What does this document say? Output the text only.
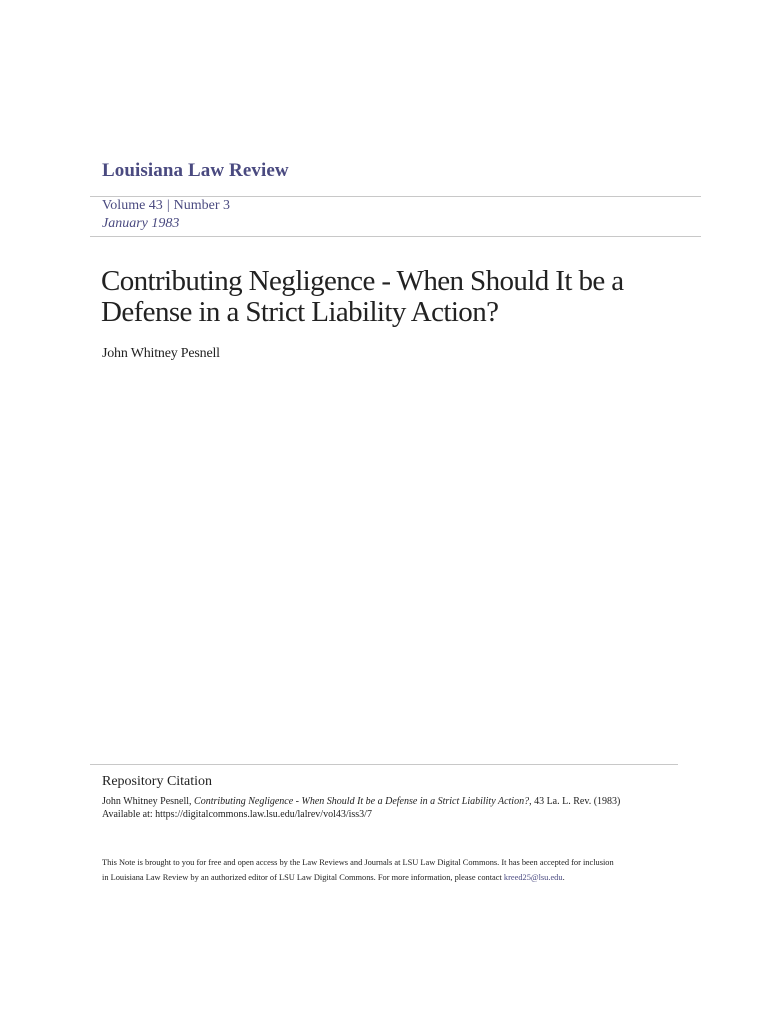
Louisiana Law Review
Volume 43 | Number 3
January 1983
Contributing Negligence - When Should It be a Defense in a Strict Liability Action?
John Whitney Pesnell
Repository Citation
John Whitney Pesnell, Contributing Negligence - When Should It be a Defense in a Strict Liability Action?, 43 La. L. Rev. (1983)
Available at: https://digitalcommons.law.lsu.edu/lalrev/vol43/iss3/7
This Note is brought to you for free and open access by the Law Reviews and Journals at LSU Law Digital Commons. It has been accepted for inclusion
in Louisiana Law Review by an authorized editor of LSU Law Digital Commons. For more information, please contact kreed25@lsu.edu.
